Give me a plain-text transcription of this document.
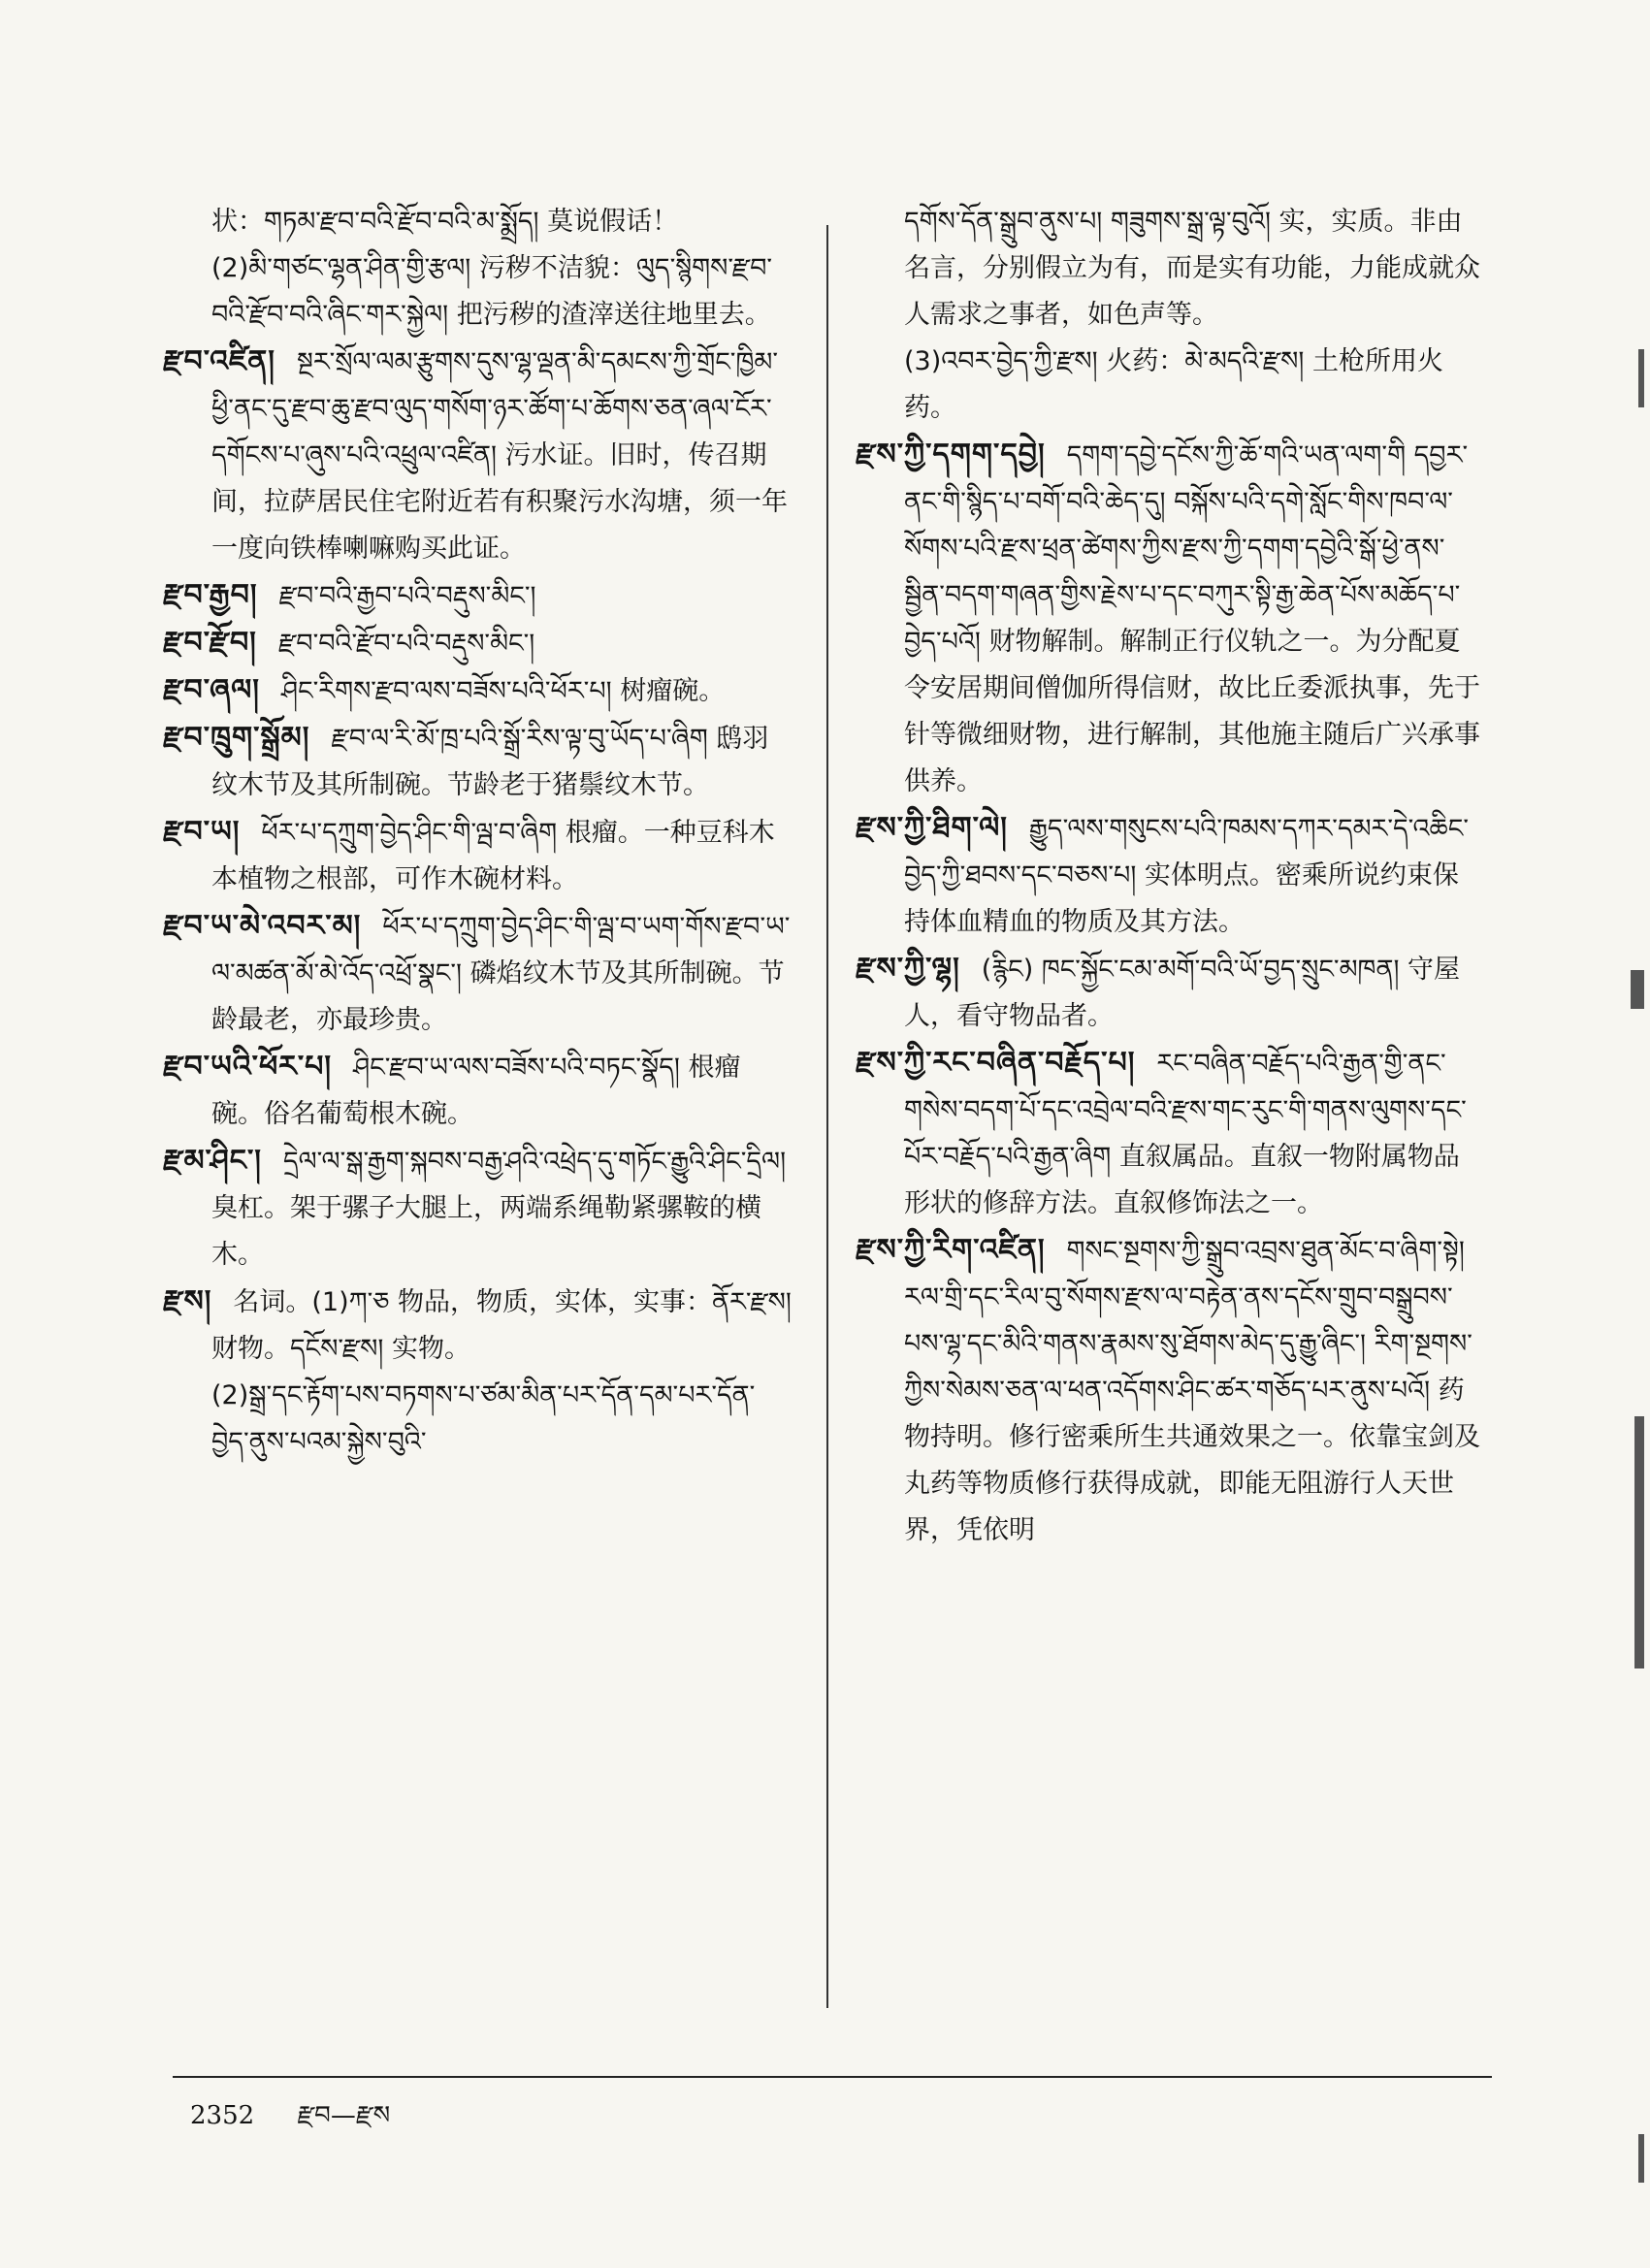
状：གཏམ་རྫབ་བའི་རྫོབ་བའི་མ་སྨྲོད། 莫说假话！
(2)མི་གཙང་ལྷན་ཤིན་གྱི་རྩལ། 污秽不洁貌：ལུད་སྙིགས་རྫབ་བའི་རྫོབ་བའི་ཞིང་གར་སྐྱེལ། 把污秽的渣滓送往地里去。
རྫབ་འཛིན། སྔར་སྲོལ་ལམ་རྩུགས་དུས་ལྷ་ལྡན་མི་དམངས་ཀྱི་གྲོང་ཁྱིམ་ཕྱི་ནང་དུ་རྫབ་ཆུ་རྫབ་ལུད་གསོག་ཉར་ཚོག་པ་ཆོགས་ཅན་ཞལ་ངོར་དགོངས་པ་ཞུས་པའི་འཕྲུལ་འཛིན། 污水证。旧时，传召期间，拉萨居民住宅附近若有积聚污水沟塘，须一年一度向铁棒喇嘛购买此证。
རྫབ་རྒྱབ། རྫབ་བའི་རྒྱབ་པའི་བརྡུས་མིང་།
རྫབ་རྫོབ། རྫབ་བའི་རྫོབ་པའི་བརྡུས་མིང་།
རྫབ་ཞལ། ཤིང་རིགས་རྫབ་ལས་བཟོས་པའི་ཕོར་པ། 树瘤碗。
རྫབ་ཁྲུག་སྒྲོམ། རྫབ་ལ་རི་མོ་ཁྲ་པའི་སྒྲོ་རིས་ལྟ་བུ་ཡོད་པ་ཞིག 鸱羽纹木节及其所制碗。节龄老于猪鬃纹木节。
རྫབ་ཡ། ཕོར་པ་དཀྲུག་བྱེད་ཤིང་གི་ལྦ་བ་ཞིག 根瘤。一种豆科木本植物之根部，可作木碗材料。
རྫབ་ཡ་མེ་འབར་མ། ཕོར་པ་དཀྲུག་བྱེད་ཤིང་གི་ལྦ་བ་ཡག་གོས་རྫབ་ཡ་ལ་མཚན་མོ་མེ་འོད་འཕྲོ་སྣང་། 磷焰纹木节及其所制碗。节龄最老，亦最珍贵。
རྫབ་ཡའི་ཕོར་པ། ཤིང་རྫབ་ཡ་ལས་བཟོས་པའི་བཏང་སྣོད། 根瘤碗。俗名葡萄根木碗。
རྫམ་ཤིང་། དྲེལ་ལ་སྒ་རྒྱག་སྐབས་བརྒྱ་ཤའི་འཕྲེད་དུ་གཏོང་རྒྱུའི་ཤིང་དྲིལ། 臭杠。架于骡子大腿上，两端系绳勒紧骡鞍的横木。
རྫས། 名词。(1)ཀ་ཅ 物品，物质，实体，实事：ནོར་རྫས། 财物。དངོས་རྫས། 实物。
(2)སྒྲ་དང་རྟོག་པས་བཏགས་པ་ཙམ་མིན་པར་དོན་དམ་པར་དོན་བྱེད་ནུས་པའམ་སྐྱེས་བུའི་
དགོས་དོན་སྒྲུབ་ནུས་པ། གཟུགས་སྒྲ་ལྟ་བུའོ། 实，实质。非由名言，分别假立为有，而是实有功能，力能成就众人需求之事者，如色声等。
(3)འབར་བྱེད་ཀྱི་རྫས། 火药：མེ་མདའི་རྫས། 土枪所用火药。
རྫས་ཀྱི་དགག་དབྱེ། དགག་དབྱེ་དངོས་ཀྱི་ཆོ་གའི་ཡན་ལག་གི དབྱར་ནང་གི་སྙིད་པ་བགོ་བའི་ཆེད་དུ། བསྐོས་པའི་དགེ་སློང་གིས་ཁབ་ལ་སོགས་པའི་རྫས་ཕྲན་ཚེགས་ཀྱིས་རྫས་ཀྱི་དགག་དབྱེའི་སྒོ་ཕྱེ་ནས་སྦྱིན་བདག་གཞན་གྱིས་རྗེས་པ་དང་བཀུར་སྟི་རྒྱ་ཆེན་པོས་མཆོད་པ་བྱེད་པའོ། 财物解制。解制正行仪轨之一。为分配夏令安居期间僧伽所得信财，故比丘委派执事，先于针等微细财物，进行解制，其他施主随后广兴承事供养。
རྫས་ཀྱི་ཐིག་ལེ། རྒྱུད་ལས་གསུངས་པའི་ཁམས་དཀར་དམར་དེ་འཆིང་བྱེད་ཀྱི་ཐབས་དང་བཅས་པ། 实体明点。密乘所说约束保持体血精血的物质及其方法。
རྫས་ཀྱི་ལྷ། (རྙིང) ཁང་སྐྱོང་ངམ་མགོ་བའི་ཡོ་བྱད་སྲུང་མཁན། 守屋人，看守物品者。
རྫས་ཀྱི་རང་བཞིན་བརྗོད་པ། རང་བཞིན་བརྗོད་པའི་རྒྱན་གྱི་ནང་གསེས་བདག་པོ་དང་འབྲེལ་བའི་རྫས་གང་རུང་གི་གནས་ལུགས་དང་པོར་བརྗོད་པའི་རྒྱན་ཞིག 直叙属品。直叙一物附属物品形状的修辞方法。直叙修饰法之一。
རྫས་ཀྱི་རིག་འཛིན། གསང་སྔགས་ཀྱི་སྒྲུབ་འབྲས་ཐུན་མོང་བ་ཞིག་སྟེ། རལ་གྲི་དང་རིལ་བུ་སོགས་རྫས་ལ་བརྟེན་ནས་དངོས་གྲུབ་བསྒྲུབས་པས་ལྷ་དང་མིའི་གནས་རྣམས་སུ་ཐོགས་མེད་དུ་རྒྱུ་ཞིང་། རིག་སྔགས་ཀྱིས་སེམས་ཅན་ལ་ཕན་འདོགས་ཤིང་ཚར་གཅོད་པར་ནུས་པའོ། 药物持明。修行密乘所生共通效果之一。依靠宝剑及丸药等物质修行获得成就，即能无阻游行人天世界，凭依明
2352 རྫབ—རྫས
